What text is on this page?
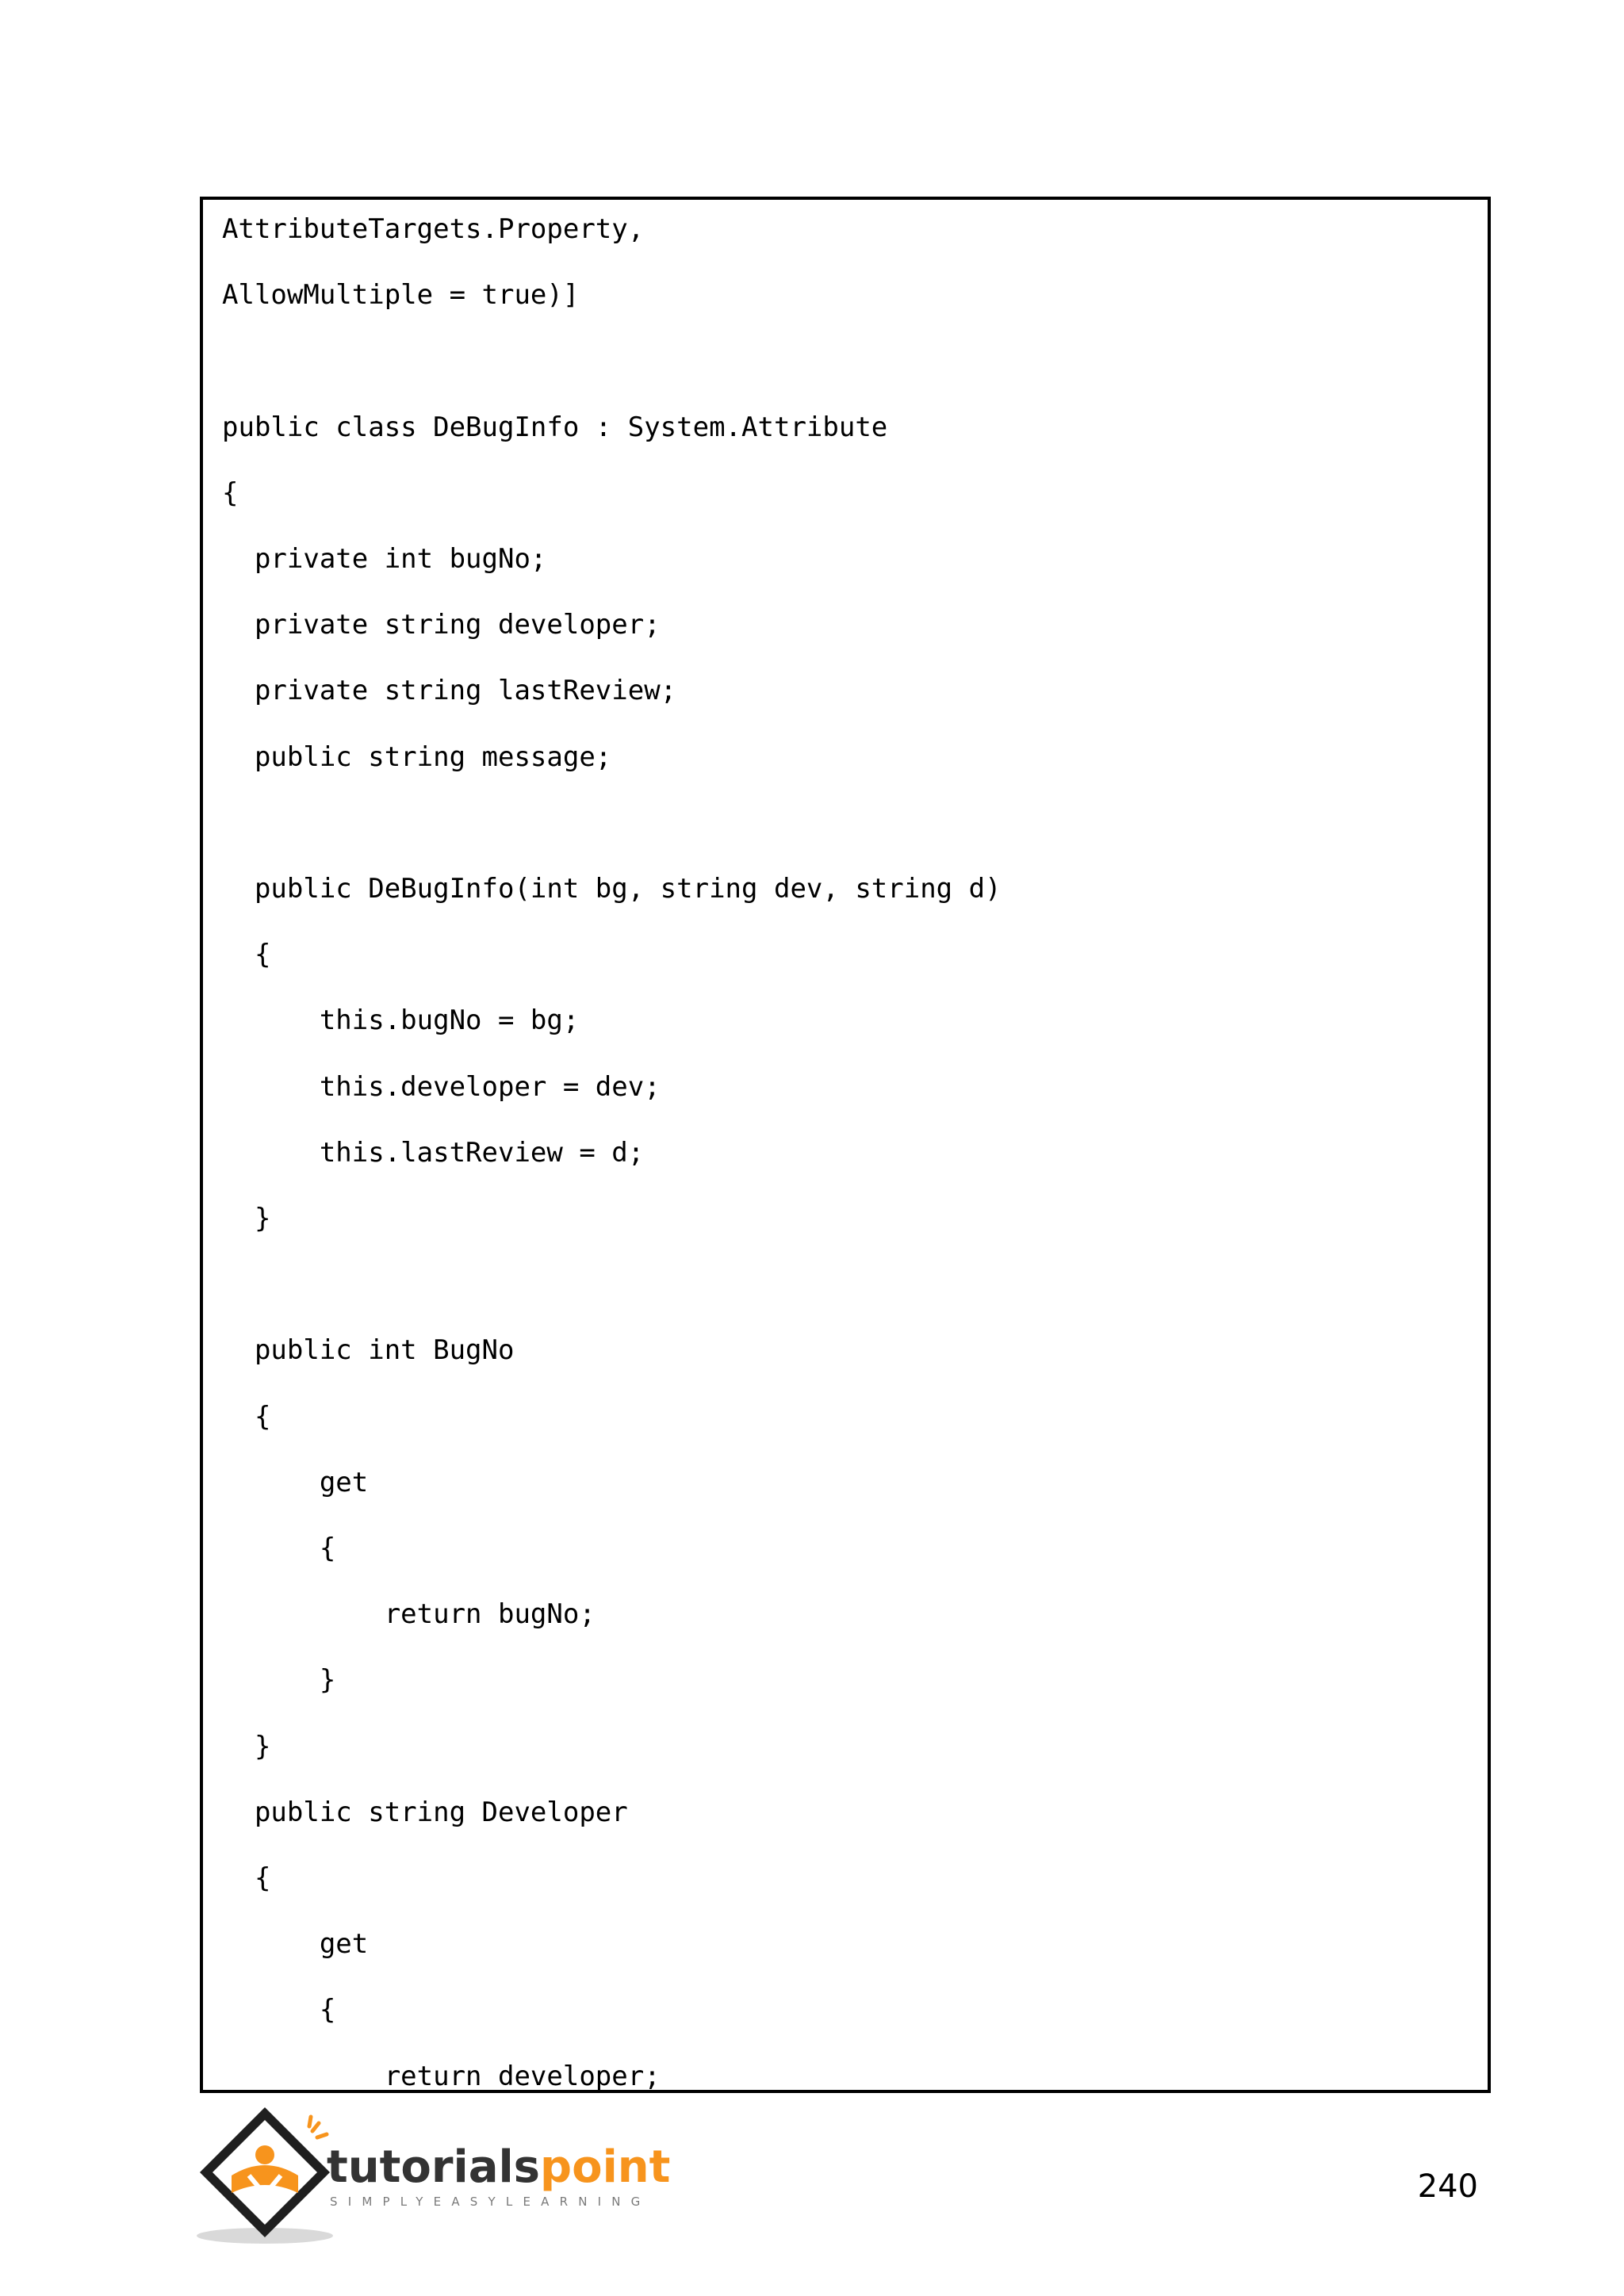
AttributeTargets.Property,
AllowMultiple = true)]
public class DeBugInfo : System.Attribute
{
private int bugNo;
private string developer;
private string lastReview;
public string message;
public DeBugInfo(int bg, string dev, string d)
{
this.bugNo = bg;
this.developer = dev;
this.lastReview = d;
}
public int BugNo
{
get
{
return bugNo;
}
}
public string Developer
{
get
{
return developer;
tutorialspoint
SIMPLYEASYLEARNING	240
